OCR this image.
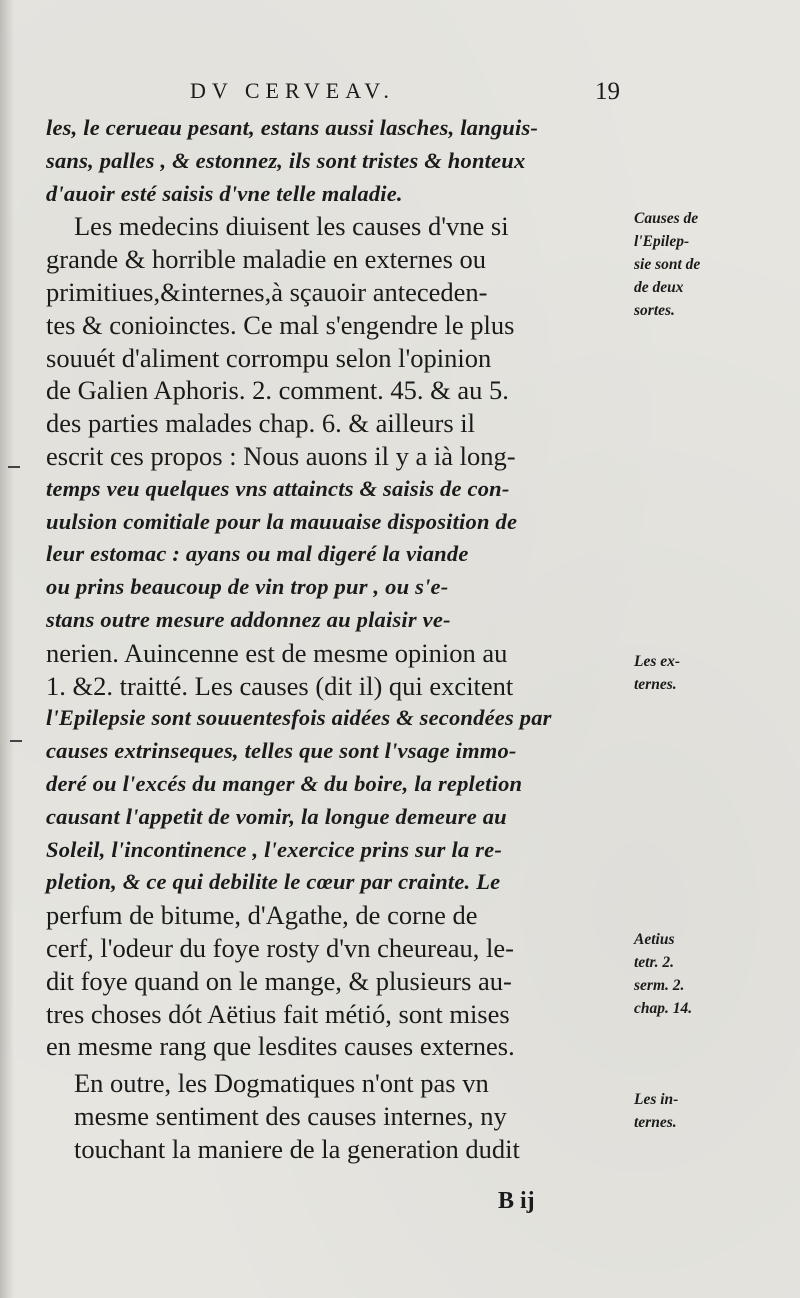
DV CERVEAV.	19
les, le cerueau pesant, estans aussi lasches, languis-
sans, palles , & estonnez, ils sont tristes & honteux
d'auoir esté saisis d'vne telle maladie.
Les medecins diuisent les causes d'vne si
grande & horrible maladie en externes ou
primitiues,&internes,à sçauoir anteceden-
tes & conioinctes. Ce mal s'engendre le plus
souuét d'aliment corrompu selon l'opinion
de Galien Aphoris. 2. comment. 45. & au 5.
des parties malades chap. 6. & ailleurs il
escrit ces propos : Nous auons il y a ià long-
temps veu quelques vns attaincts & saisis de con-
uulsion comitiale pour la mauuaise disposition de
leur estomac : ayans ou mal digeré la viande
ou prins beaucoup de vin trop pur , ou s'e-
stans outre mesure addonnez au plaisir ve-
nerien. Auincenne est de mesme opinion au
1. &2. traitté. Les causes (dit il) qui excitent
l'Epilepsie sont souuentesfois aidées & secondées par
causes extrinseques, telles que sont l'vsage immo-
deré ou l'excés du manger & du boire, la repletion
causant l'appetit de vomir, la longue demeure au
Soleil, l'incontinence , l'exercice prins sur la re-
pletion, & ce qui debilite le cœur par crainte. Le
perfum de bitume, d'Agathe, de corne de
cerf, l'odeur du foye rosty d'vn cheureau, le-
dit foye quand on le mange, & plusieurs au-
tres choses dót Aëtius fait métió, sont mises
en mesme rang que lesdites causes externes.
En outre, les Dogmatiques n'ont pas vn
mesme sentiment des causes internes, ny
touchant la maniere de la generation dudit
Causes de
l'Epilep-
sie sont de
de deux
sortes.
Les ex-
ternes.
Aetius
tetr. 2.
serm. 2.
chap. 14.
Les in-
ternes.
B ij
